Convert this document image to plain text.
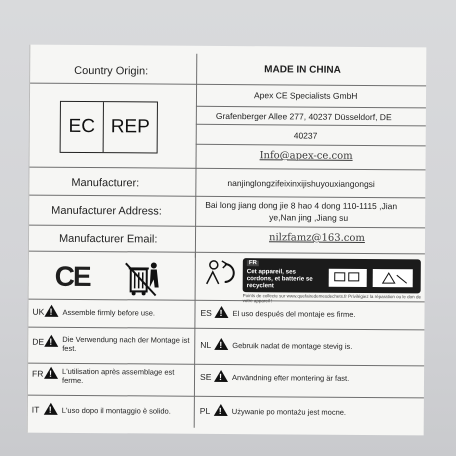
Country Origin:	MADE IN CHINA
EC REP
Apex CE Specialists GmbH
Grafenberger Allee 277, 40237 Düsseldorf, DE
40237
Info@apex-ce.com
Manufacturer:	nanjinglongzifeixinxijishuyouxiangongsi
Manufacturer Address:	Bai long jiang dong jie 8 hao 4 dong 110-1115 ,Jian
ye,Nan jing ,Jiang su
Manufacturer Email:	nilzfamz@163.com
CE	FR
Cet appareil, ses cordons, et batterie se recyclent
Points de collecte sur www.quefairedemesdechets.fr Privilégiez la réparation ou le don de votre appareil !
UK ! Assemble firmly before use.	ES !	El uso después del montaje es firme.
DE ! Die Verwendung nach der Montage ist fest.	NL !	Gebruik nadat de montage stevig is.
FR ! L'utilisation après assemblage est ferme.	SE !	Användning efter montering är fast.
IT !	L'uso dopo il montaggio è solido.	PL !	Używanie po montażu jest mocne.
